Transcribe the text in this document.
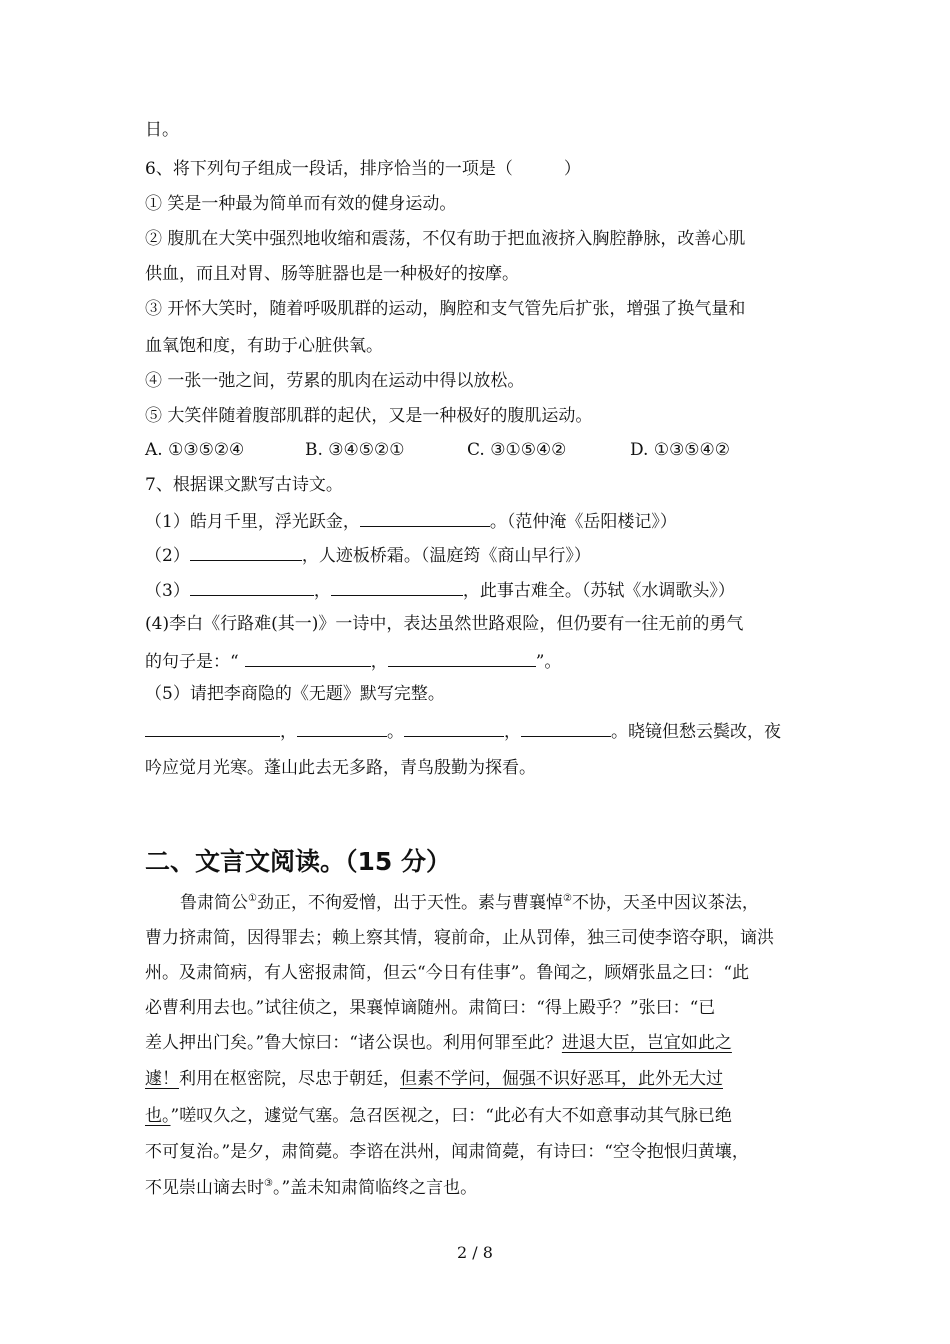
日。
6、将下列句子组成一段话，排序恰当的一项是（　　　）
① 笑是一种最为简单而有效的健身运动。
② 腹肌在大笑中强烈地收缩和震荡，不仅有助于把血液挤入胸腔静脉，改善心肌
供血，而且对胃、肠等脏器也是一种极好的按摩。
③ 开怀大笑时，随着呼吸肌群的运动，胸腔和支气管先后扩张，增强了换气量和
血氧饱和度，有助于心脏供氧。
④ 一张一弛之间，劳累的肌肉在运动中得以放松。
⑤ 大笑伴随着腹部肌群的起伏，又是一种极好的腹肌运动。
A. ①③⑤②④	B. ③④⑤②①	C. ③①⑤④②	D. ①③⑤④②
7、根据课文默写古诗文。
（1）皓月千里，浮光跃金，	。（范仲淹《岳阳楼记》）
（2）	，人迹板桥霜。（温庭筠《商山早行》）
（3）	，	，此事古难全。（苏轼《水调歌头》）
(4)李白《行路难(其一)》一诗中，表达虽然世路艰险，但仍要有一往无前的勇气
的句子是：“	，	”。
（5）请把李商隐的《无题》默写完整。
，	。	，	。晓镜但愁云鬓改，夜
吟应觉月光寒。蓬山此去无多路，青鸟殷勤为探看。
二、文言文阅读。（15 分）
鲁肃简公①劲正，不徇爱憎，出于天性。素与曹襄悼②不协，天圣中因议茶法，
曹力挤肃简，因得罪去；赖上察其情，寝前命，止从罚俸，独三司使李谘夺职，谪洪
州。及肃简病，有人密报肃简，但云“今日有佳事”。鲁闻之，顾婿张昷之曰：“此
必曹利用去也。”试往侦之，果襄悼谪随州。肃简曰：“得上殿乎？”张曰：“已
差人押出门矣。”鲁大惊曰：“诸公误也。利用何罪至此？进退大臣，岂宜如此之
遽！利用在枢密院，尽忠于朝廷，但素不学问，倔强不识好恶耳，此外无大过
也。”嗟叹久之，遽觉气塞。急召医视之，曰：“此必有大不如意事动其气脉已绝
不可复治。”是夕，肃简薨。李谘在洪州，闻肃简薨，有诗曰：“空令抱恨归黄壤，
不见崇山谪去时③。”盖未知肃简临终之言也。
2 / 8
